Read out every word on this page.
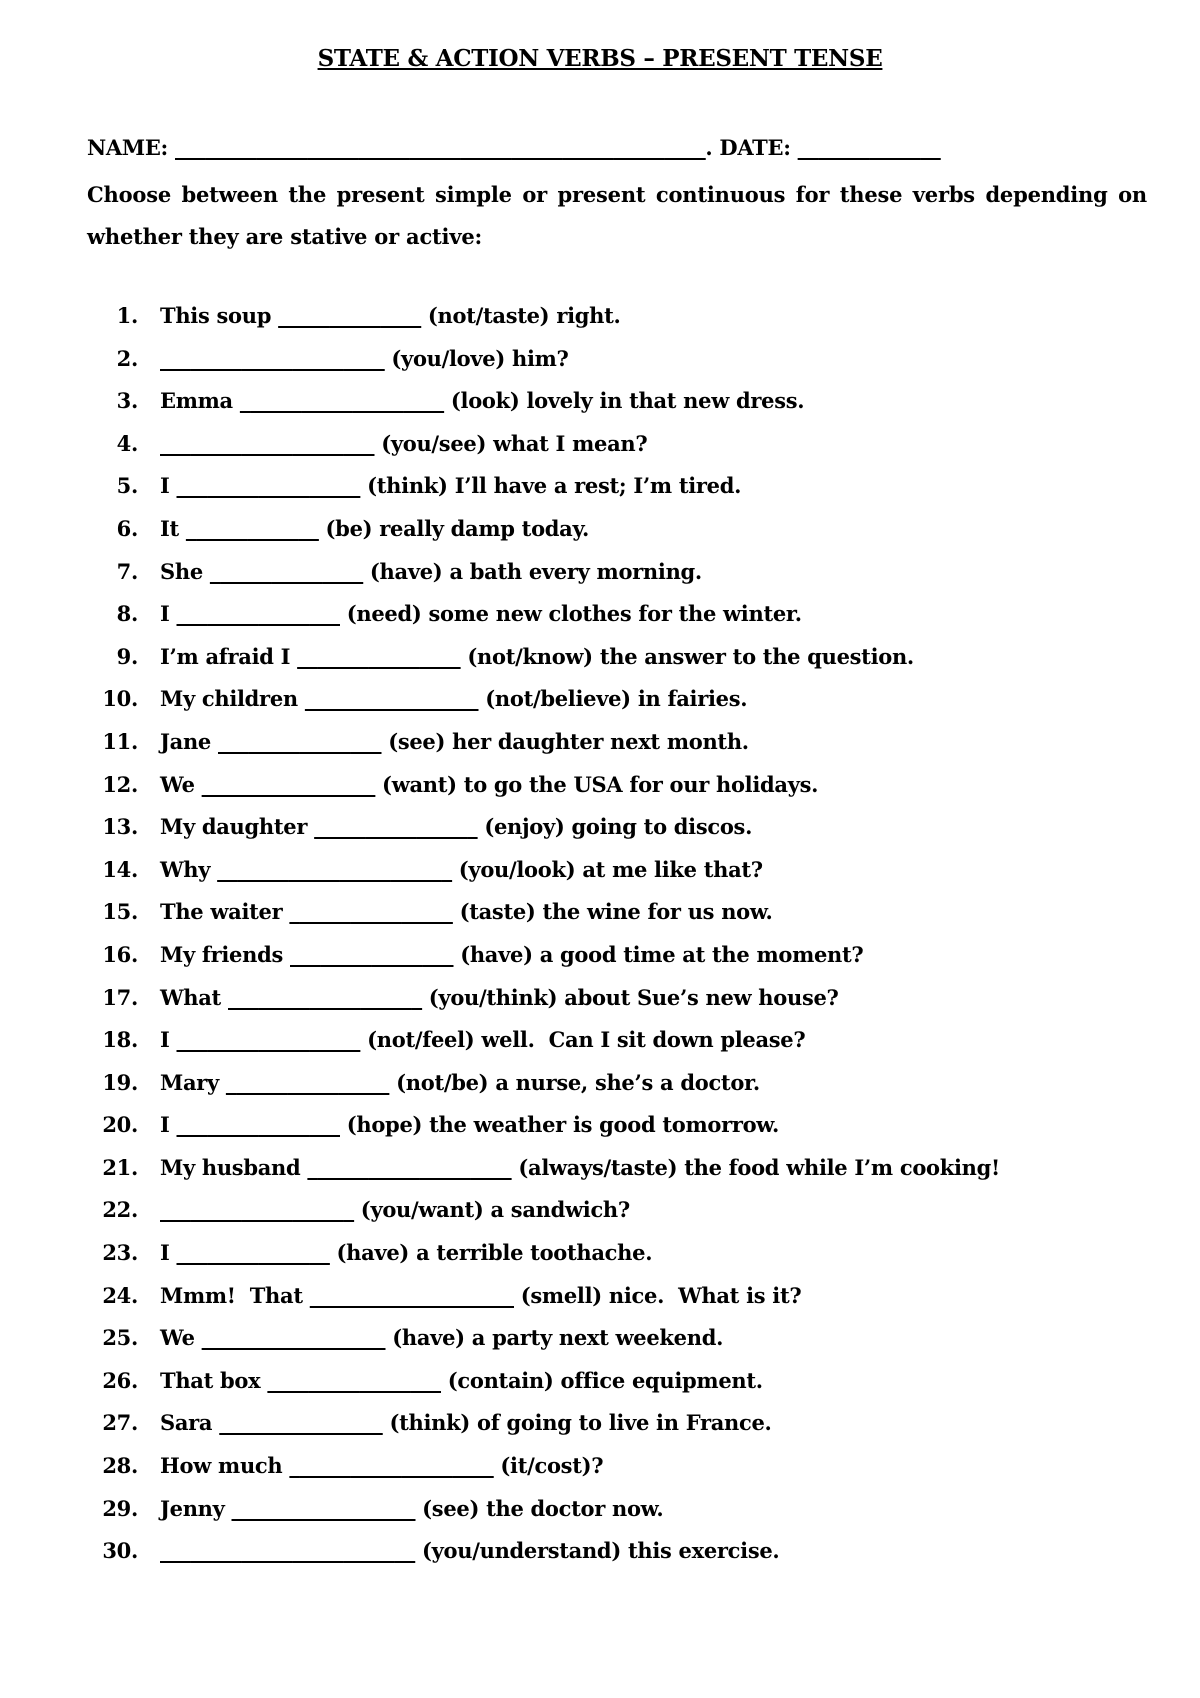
STATE & ACTION VERBS – PRESENT TENSE
NAME: ____________________________________________________. DATE: ______________
Choose between the present simple or present continuous for these verbs depending on whether they are stative or active:
1. This soup ______________ (not/taste) right.
2. ______________________ (you/love) him?
3. Emma ____________________ (look) lovely in that new dress.
4. _____________________ (you/see) what I mean?
5. I __________________ (think) I’ll have a rest; I’m tired.
6. It _____________ (be) really damp today.
7. She _______________ (have) a bath every morning.
8. I ________________ (need) some new clothes for the winter.
9. I’m afraid I ________________ (not/know) the answer to the question.
10. My children _________________ (not/believe) in fairies.
11. Jane ________________ (see) her daughter next month.
12. We _________________ (want) to go the USA for our holidays.
13. My daughter ________________ (enjoy) going to discos.
14. Why _______________________ (you/look) at me like that?
15. The waiter ________________ (taste) the wine for us now.
16. My friends ________________ (have) a good time at the moment?
17. What ___________________ (you/think) about Sue’s new house?
18. I __________________ (not/feel) well.  Can I sit down please?
19. Mary ________________ (not/be) a nurse, she’s a doctor.
20. I ________________ (hope) the weather is good tomorrow.
21. My husband ____________________ (always/taste) the food while I’m cooking!
22. ___________________ (you/want) a sandwich?
23. I _______________ (have) a terrible toothache.
24. Mmm!  That ____________________ (smell) nice.  What is it?
25. We __________________ (have) a party next weekend.
26. That box _________________ (contain) office equipment.
27. Sara ________________ (think) of going to live in France.
28. How much ____________________ (it/cost)?
29. Jenny __________________ (see) the doctor now.
30. _________________________ (you/understand) this exercise.
